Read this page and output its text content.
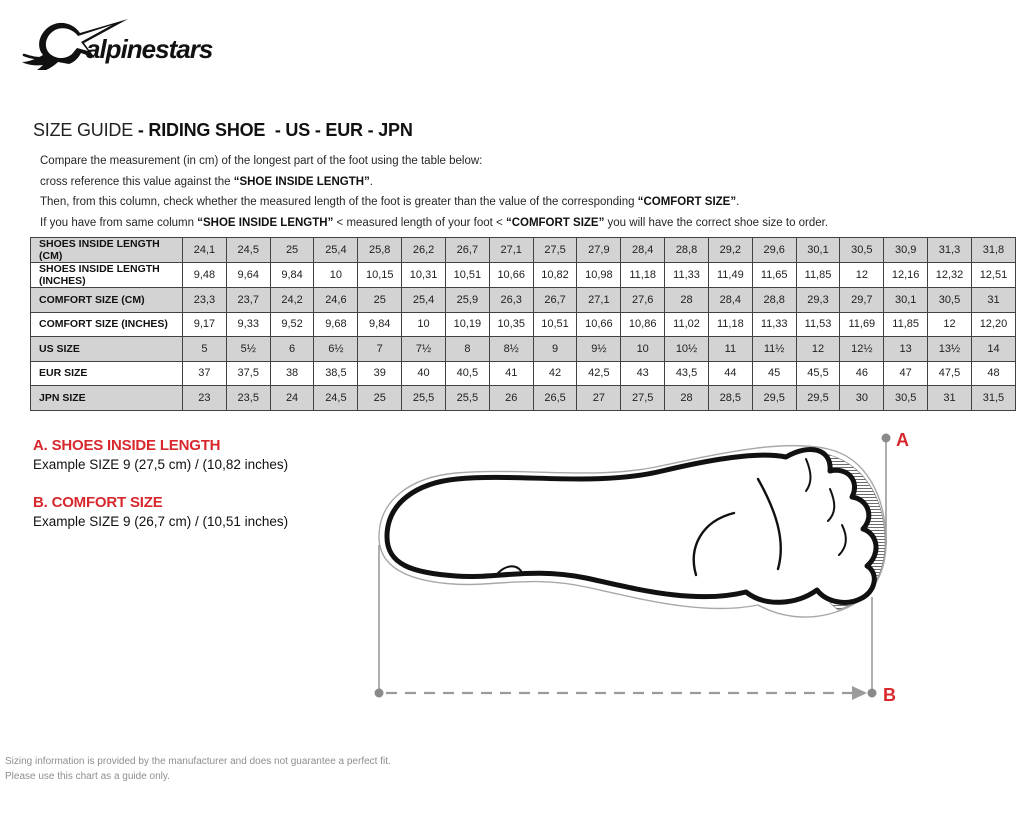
alpinestars
SIZE GUIDE - RIDING SHOE  - US - EUR - JPN
Compare the measurement (in cm) of the longest part of the foot using the table below:
cross reference this value against the “SHOE INSIDE LENGTH”.
Then, from this column, check whether the measured length of the foot is greater than the value of the corresponding “COMFORT SIZE”.
If you have from same column “SHOE INSIDE LENGTH” < measured length of your foot < “COMFORT SIZE” you will have the correct shoe size to order.
SHOES INSIDE LENGTH (CM)	24,1	24,5	25	25,4	25,8	26,2	26,7	27,1	27,5	27,9	28,4	28,8	29,2	29,6	30,1	30,5	30,9	31,3	31,8
SHOES INSIDE LENGTH (INCHES)	9,48	9,64	9,84	10	10,15	10,31	10,51	10,66	10,82	10,98	11,18	11,33	11,49	11,65	11,85	12	12,16	12,32	12,51
COMFORT SIZE (CM)	23,3	23,7	24,2	24,6	25	25,4	25,9	26,3	26,7	27,1	27,6	28	28,4	28,8	29,3	29,7	30,1	30,5	31
COMFORT SIZE (INCHES)	9,17	9,33	9,52	9,68	9,84	10	10,19	10,35	10,51	10,66	10,86	11,02	11,18	11,33	11,53	11,69	11,85	12	12,20
US SIZE	5	5½	6	6½	7	7½	8	8½	9	9½	10	10½	11	11½	12	12½	13	13½	14
EUR SIZE	37	37,5	38	38,5	39	40	40,5	41	42	42,5	43	43,5	44	45	45,5	46	47	47,5	48
JPN SIZE	23	23,5	24	24,5	25	25,5	25,5	26	26,5	27	27,5	28	28,5	29,5	29,5	30	30,5	31	31,5
A. SHOES INSIDE LENGTH
Example SIZE 9 (27,5 cm) / (10,82 inches)
B. COMFORT SIZE
Example SIZE 9 (26,7 cm) / (10,51 inches)
A
B
Sizing information is provided by the manufacturer and does not guarantee a perfect fit.
Please use this chart as a guide only.
